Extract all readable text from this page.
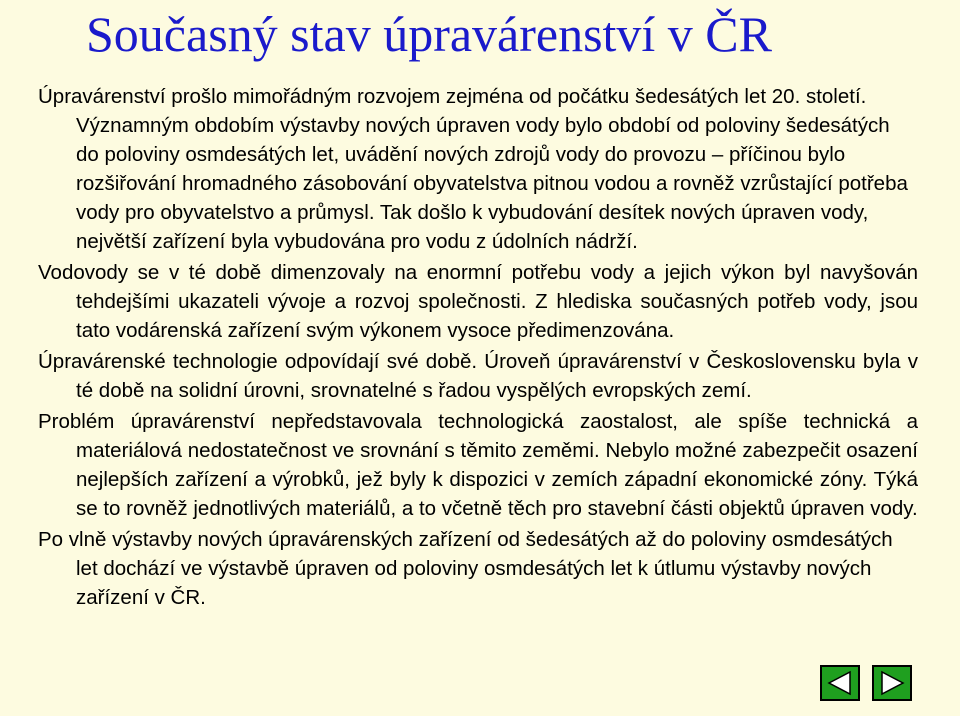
Současný stav úpravárenství v ČR

Úpravárenství prošlo mimořádným rozvojem zejména od počátku šedesátých let 20. století. Významným obdobím výstavby nových úpraven vody bylo období od poloviny šedesátých do poloviny osmdesátých let, uvádění nových zdrojů vody do provozu – příčinou bylo rozšiřování hromadného zásobování obyvatelstva pitnou vodou a rovněž vzrůstající potřeba vody pro obyvatelstvo a průmysl. Tak došlo k vybudování desítek nových úpraven vody, největší zařízení byla vybudována pro vodu z údolních nádrží.

Vodovody se v té době dimenzovaly na enormní potřebu vody a jejich výkon byl navyšován tehdejšími ukazateli vývoje a rozvoj společnosti. Z hlediska současných potřeb vody, jsou tato vodárenská zařízení svým výkonem vysoce předimenzována.

Úpravárenské technologie odpovídají své době. Úroveň úpravárenství v Československu byla v té době na solidní úrovni, srovnatelné s řadou vyspělých evropských zemí.

Problém úpravárenství nepředstavovala technologická zaostalost, ale spíše technická a materiálová nedostatečnost ve srovnání s těmito zeměmi. Nebylo možné zabezpečit osazení nejlepších zařízení a výrobků, jež byly k dispozici v zemích západní ekonomické zóny. Týká se to rovněž jednotlivých materiálů, a to včetně těch pro stavební části objektů úpraven vody.

Po vlně výstavby nových úpravárenských zařízení od šedesátých až do poloviny osmdesátých let dochází ve výstavbě úpraven od poloviny osmdesátých let k útlumu výstavby nových zařízení v ČR.
